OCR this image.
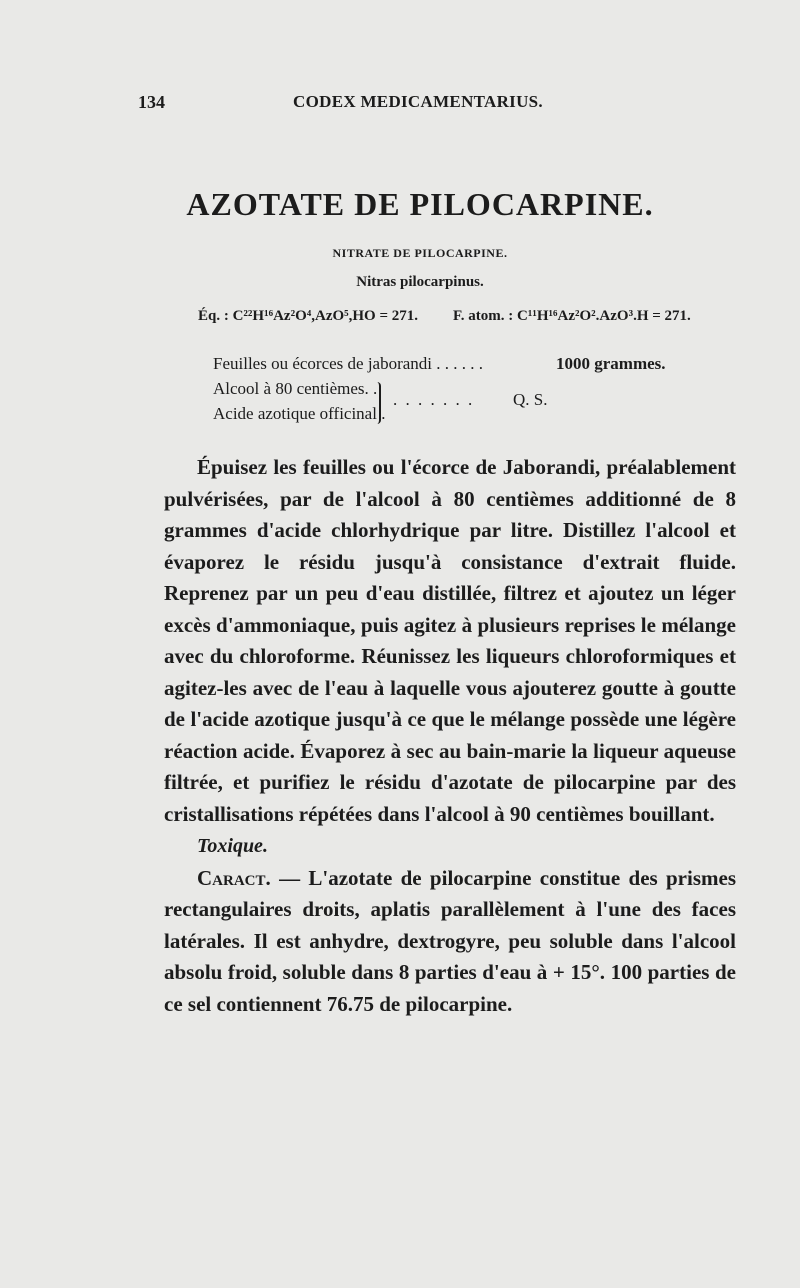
134	CODEX MEDICAMENTARIUS.
AZOTATE DE PILOCARPINE.
NITRATE DE PILOCARPINE.
Nitras pilocarpinus.
Éq. : C²²H¹⁶Az²O⁴,AzO⁵,HO = 271. F. atom. : C¹¹H¹⁶Az²O².AzO³.H = 271.
Feuilles ou écorces de jaborandi . . . . . .	1000 grammes.
Alcool à 80 centièmes. .
Acide azotique officinal .
. . . . . . . Q. S.

Épuisez les feuilles ou l'écorce de Jaborandi, préalablement pulvérisées, par de l'alcool à 80 centièmes additionné de 8 grammes d'acide chlorhydrique par litre. Distillez l'alcool et évaporez le résidu jusqu'à consistance d'extrait fluide. Reprenez par un peu d'eau distillée, filtrez et ajoutez un léger excès d'ammoniaque, puis agitez à plusieurs reprises le mélange avec du chloroforme. Réunissez les liqueurs chloroformiques et agitez-les avec de l'eau à laquelle vous ajouterez goutte à goutte de l'acide azotique jusqu'à ce que le mélange possède une légère réaction acide. Évaporez à sec au bain-marie la liqueur aqueuse filtrée, et purifiez le résidu d'azotate de pilocarpine par des cristallisations répétées dans l'alcool à 90 centièmes bouillant.

Toxique.

Caract. — L'azotate de pilocarpine constitue des prismes rectangulaires droits, aplatis parallèlement à l'une des faces latérales. Il est anhydre, dextrogyre, peu soluble dans l'alcool absolu froid, soluble dans 8 parties d'eau à + 15°. 100 parties de ce sel contiennent 76.75 de pilocarpine.
